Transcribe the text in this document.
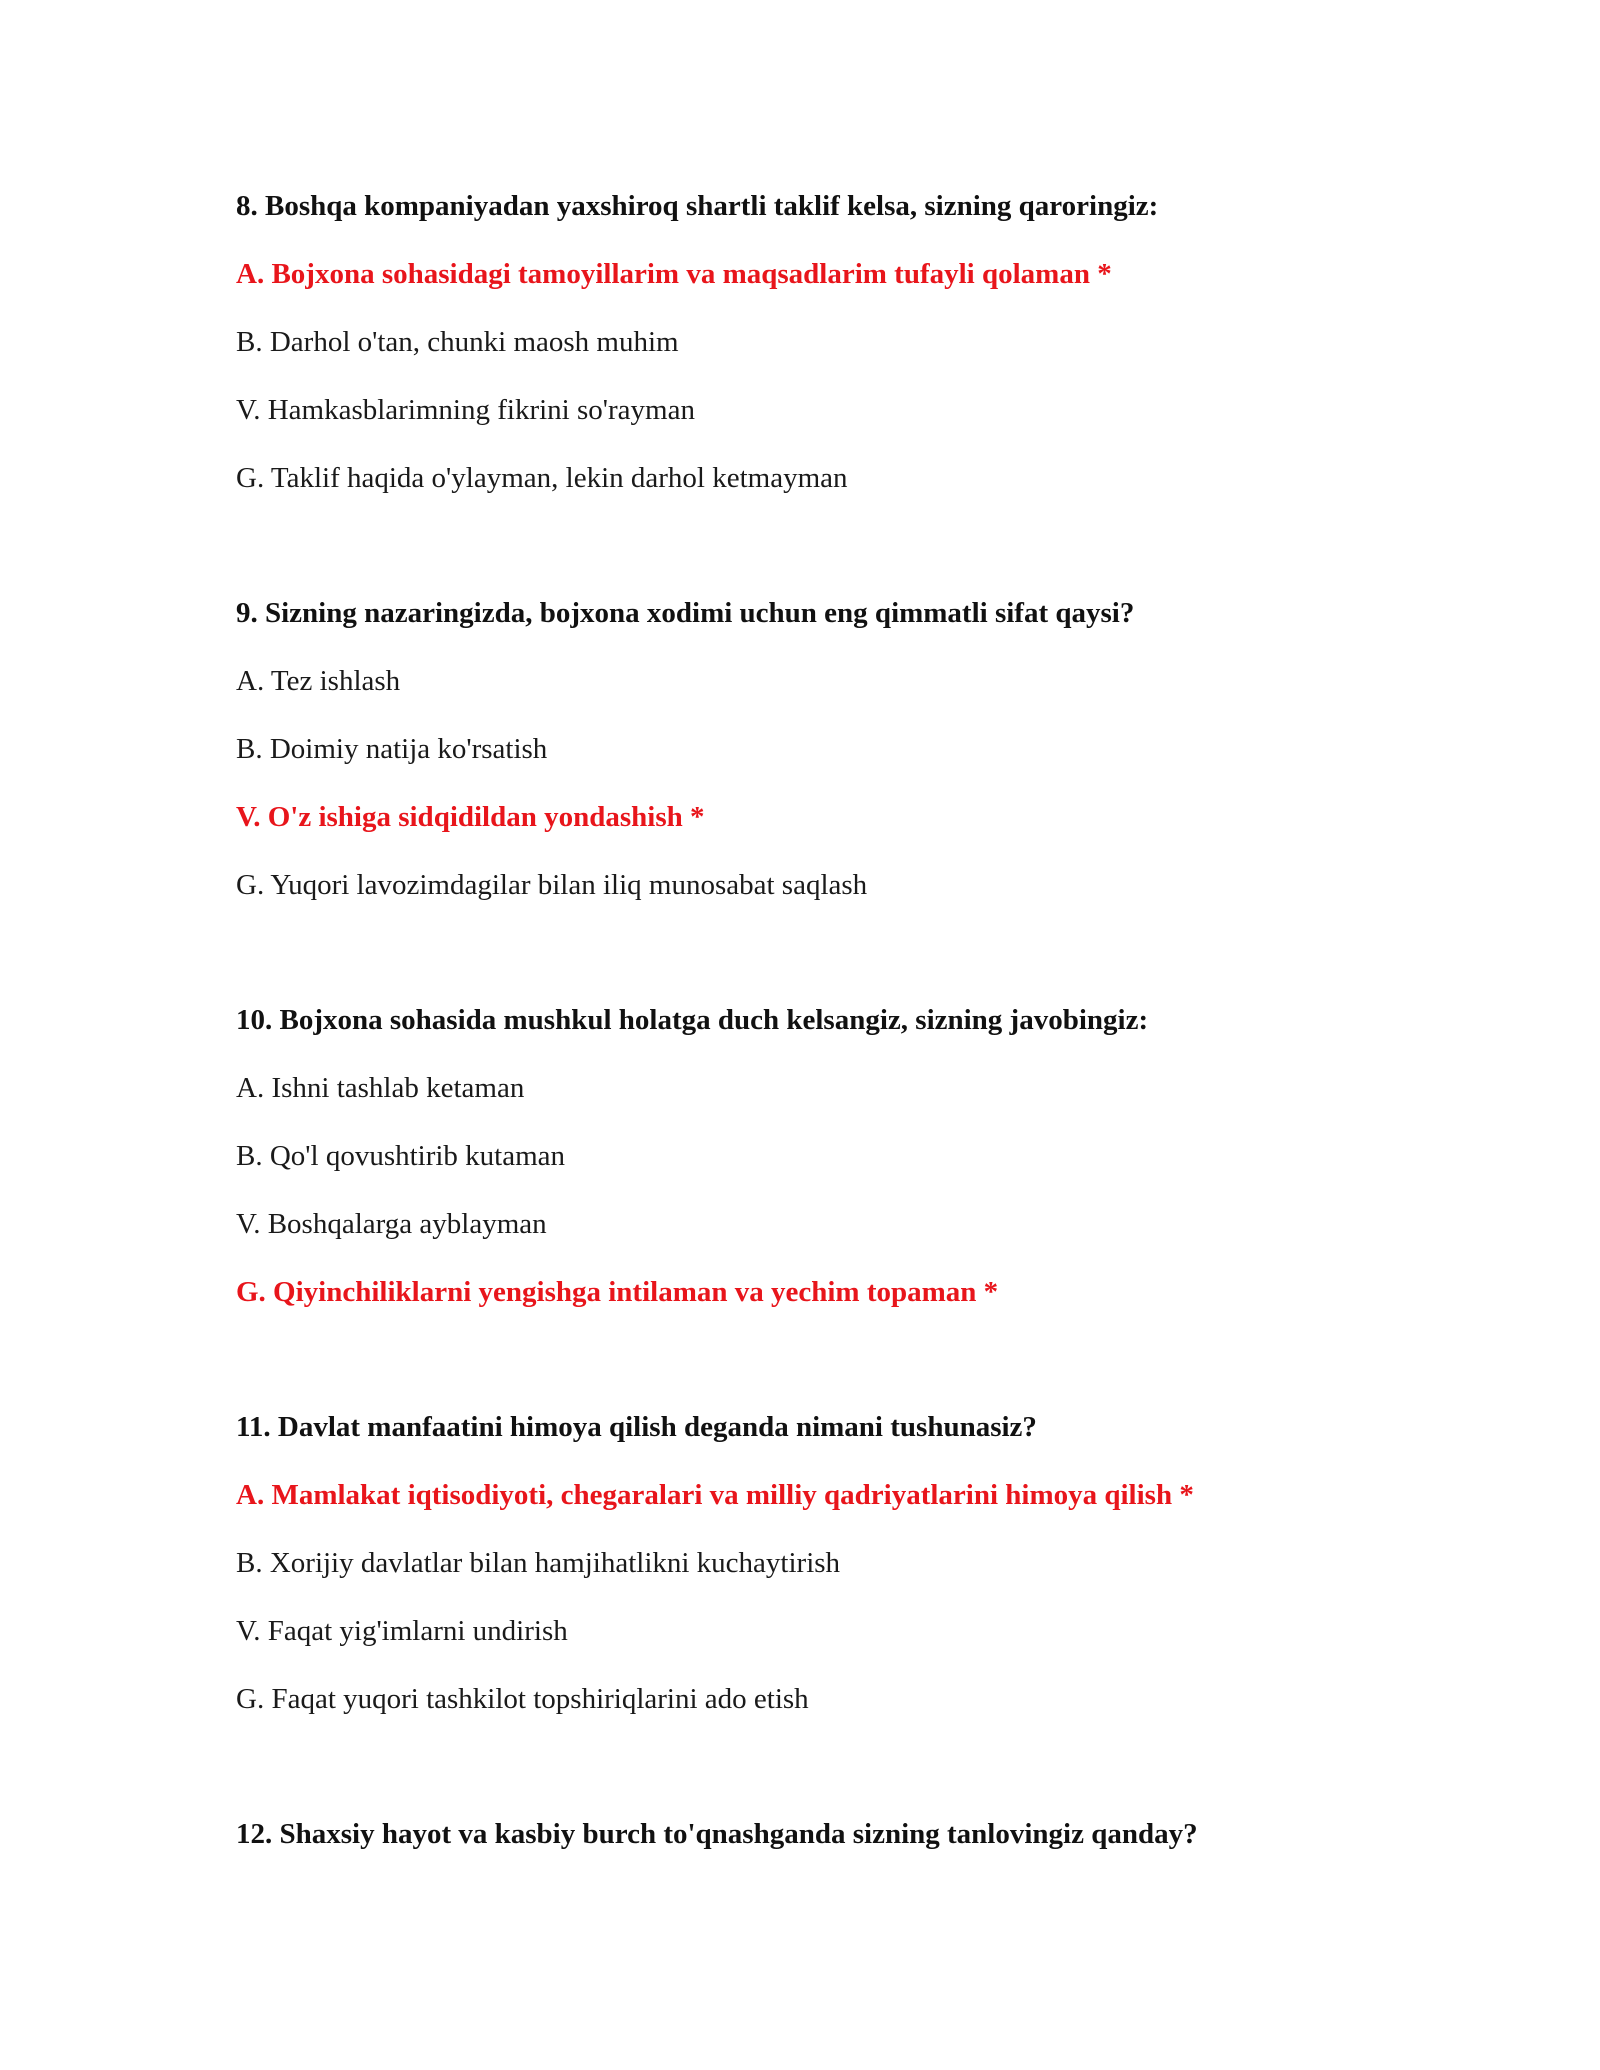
8. Boshqa kompaniyadan yaxshiroq shartli taklif kelsa, sizning qaroringiz:
A. Bojxona sohasidagi tamoyillarim va maqsadlarim tufayli qolaman *
B. Darhol o'tan, chunki maosh muhim
V. Hamkasblarimning fikrini so'rayman
G. Taklif haqida o'ylayman, lekin darhol ketmayman
9. Sizning nazaringizda, bojxona xodimi uchun eng qimmatli sifat qaysi?
A. Tez ishlash
B. Doimiy natija ko'rsatish
V. O'z ishiga sidqidildan yondashish *
G. Yuqori lavozimdagilar bilan iliq munosabat saqlash
10. Bojxona sohasida mushkul holatga duch kelsangiz, sizning javobingiz:
A. Ishni tashlab ketaman
B. Qo'l qovushtirib kutaman
V. Boshqalarga ayblayman
G. Qiyinchiliklarni yengishga intilaman va yechim topaman *
11. Davlat manfaatini himoya qilish deganda nimani tushunasiz?
A. Mamlakat iqtisodiyoti, chegaralari va milliy qadriyatlarini himoya qilish *
B. Xorijiy davlatlar bilan hamjihatlikni kuchaytirish
V. Faqat yig'imlarni undirish
G. Faqat yuqori tashkilot topshiriqlarini ado etish
12. Shaxsiy hayot va kasbiy burch to'qnashganda sizning tanlovingiz qanday?
